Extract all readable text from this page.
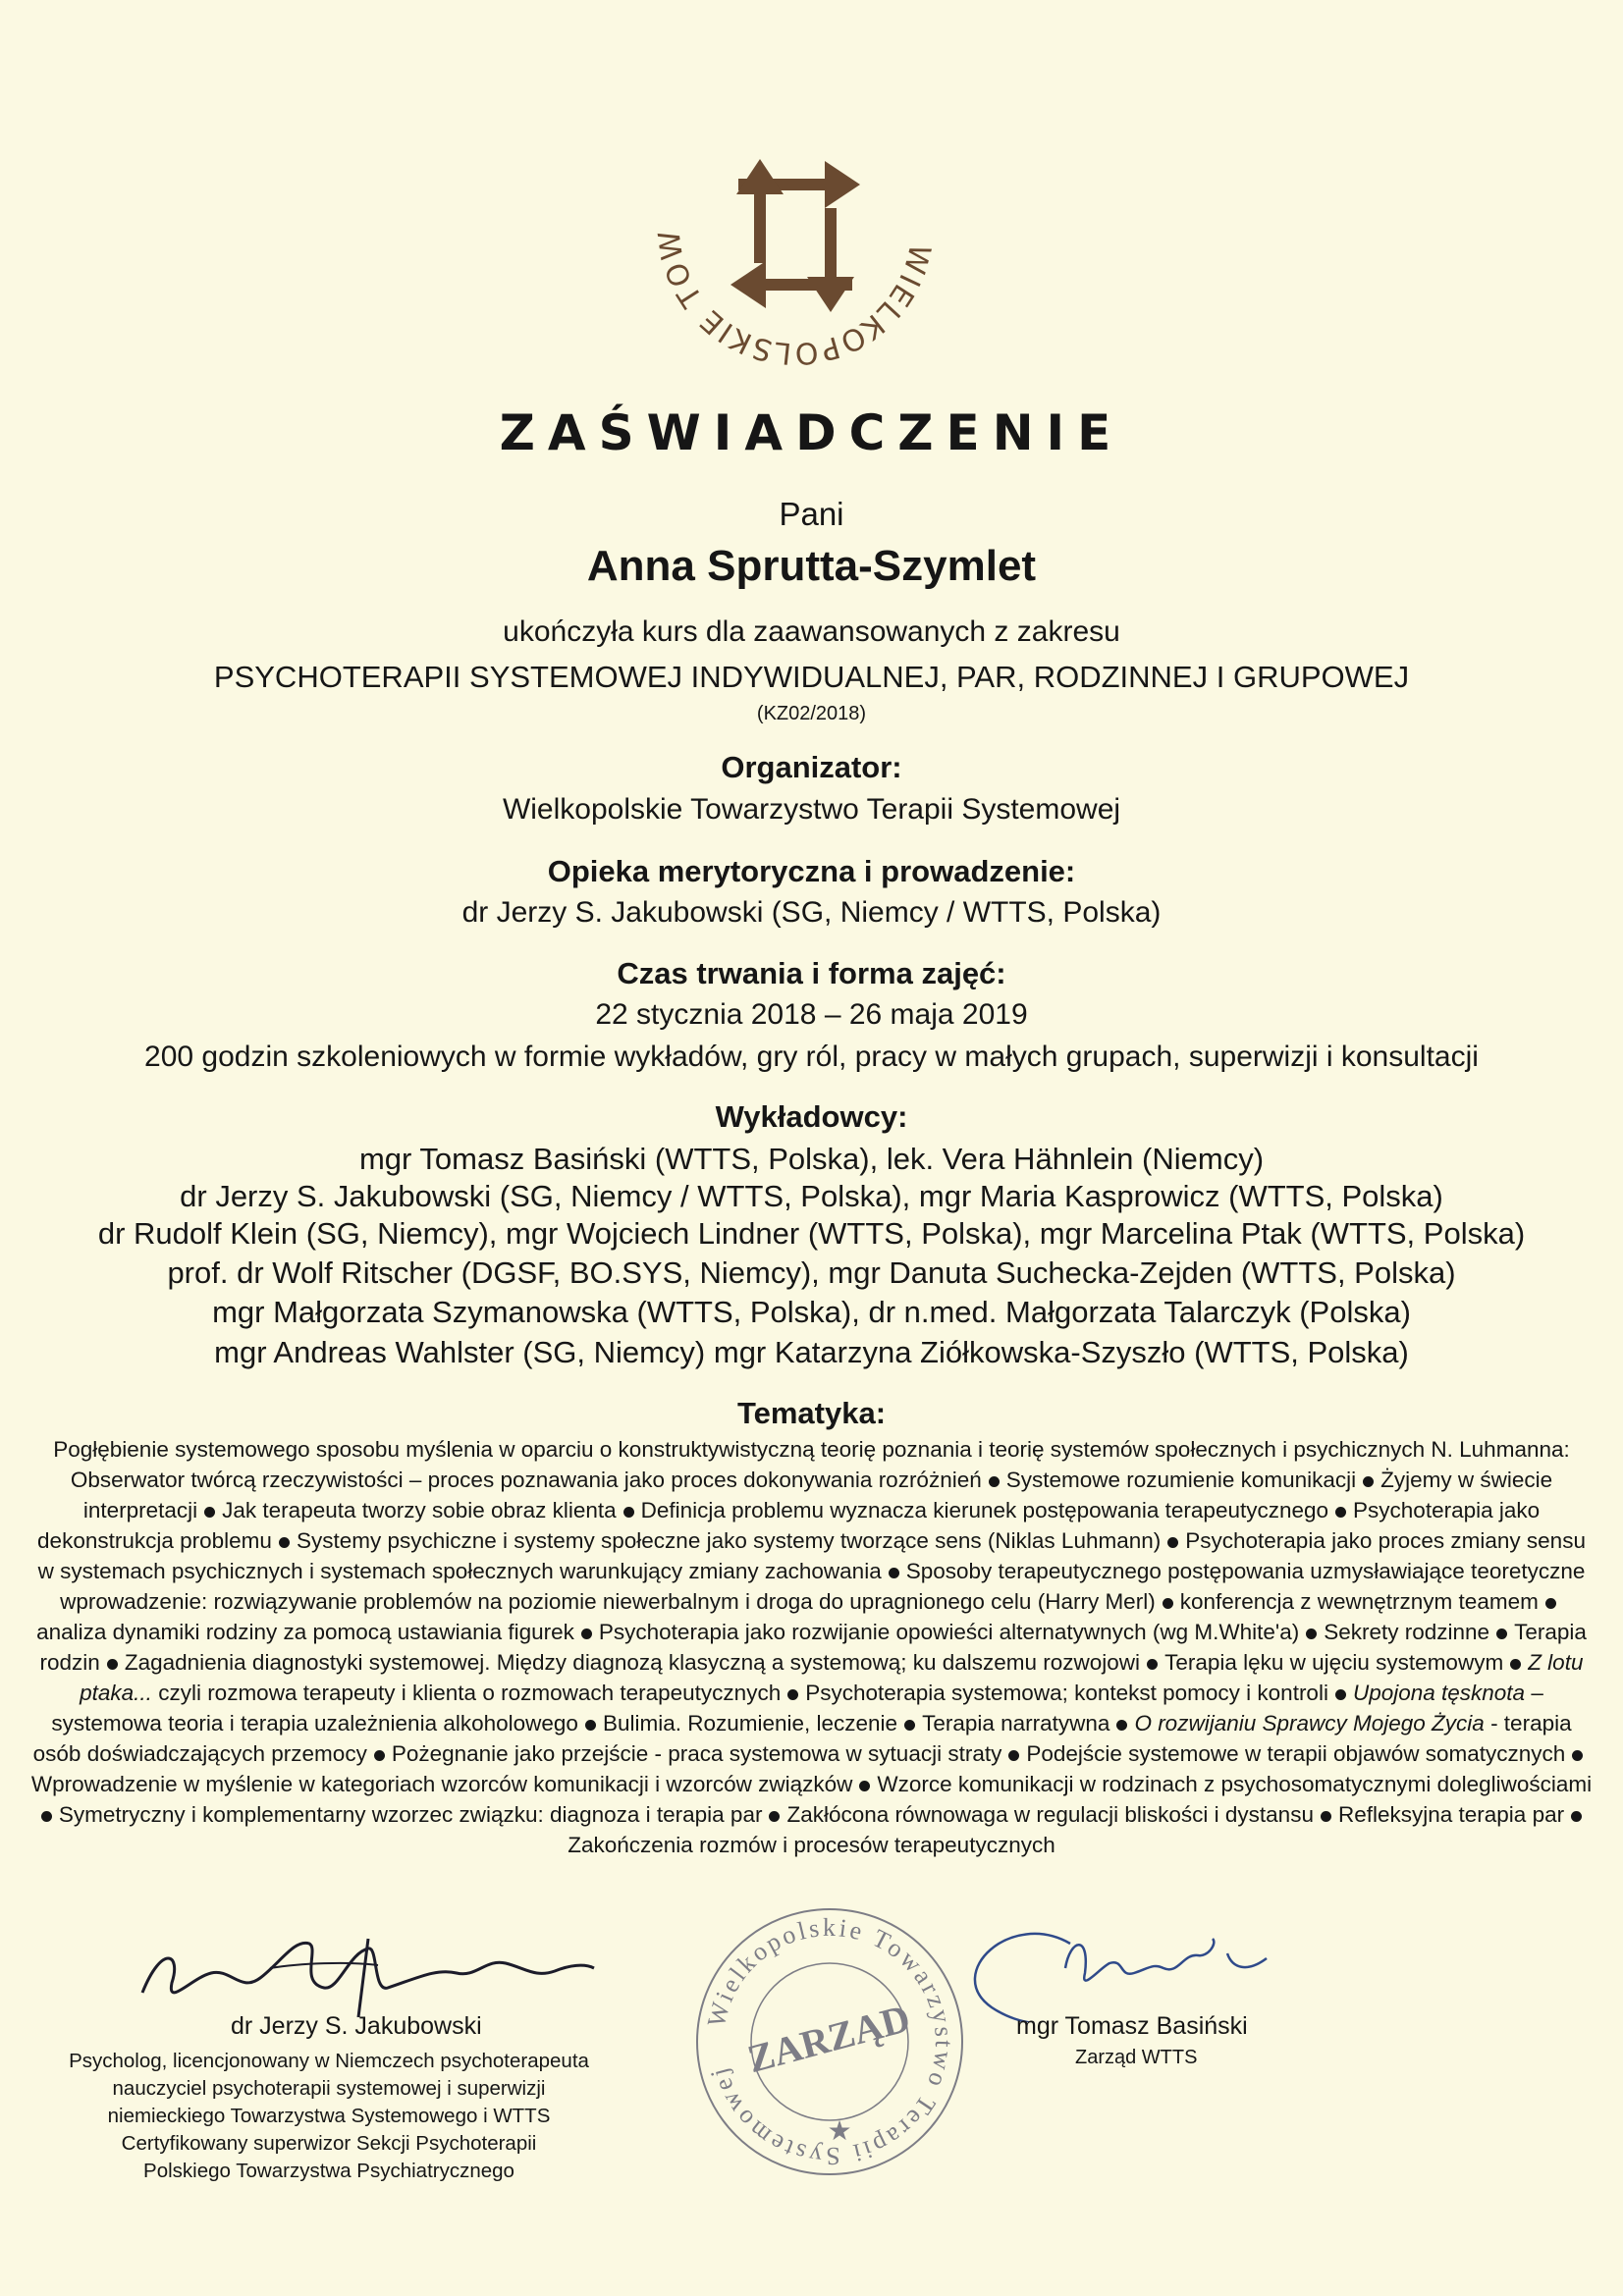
WIELKOPOLSKIE TOW
ZAŚWIADCZENIE
Pani
Anna Sprutta-Szymlet
ukończyła kurs dla zaawansowanych z zakresu
PSYCHOTERAPII SYSTEMOWEJ INDYWIDUALNEJ, PAR, RODZINNEJ I GRUPOWEJ
(KZ02/2018)
Organizator:
Wielkopolskie Towarzystwo Terapii Systemowej
Opieka merytoryczna i prowadzenie:
dr Jerzy S. Jakubowski (SG, Niemcy / WTTS, Polska)
Czas trwania i forma zajęć:
22 stycznia 2018 – 26 maja 2019
200 godzin szkoleniowych w formie wykładów, gry ról, pracy w małych grupach, superwizji i konsultacji
Wykładowcy:
mgr Tomasz Basiński (WTTS, Polska), lek. Vera Hähnlein (Niemcy)
dr Jerzy S. Jakubowski (SG, Niemcy / WTTS, Polska), mgr Maria Kasprowicz (WTTS, Polska)
dr Rudolf Klein (SG, Niemcy), mgr Wojciech Lindner (WTTS, Polska), mgr Marcelina Ptak (WTTS, Polska)
prof. dr Wolf Ritscher (DGSF, BO.SYS, Niemcy), mgr Danuta Suchecka-Zejden (WTTS, Polska)
mgr Małgorzata Szymanowska (WTTS, Polska), dr n.med. Małgorzata Talarczyk (Polska)
mgr Andreas Wahlster (SG, Niemcy) mgr Katarzyna Ziółkowska-Szyszło (WTTS, Polska)
Tematyka:
Pogłębienie systemowego sposobu myślenia w oparciu o konstruktywistyczną teorię poznania i teorię systemów społecznych i psychicznych N. Luhmanna: Obserwator twórcą rzeczywistości – proces poznawania jako proces dokonywania rozróżnień Systemowe rozumienie komunikacji Żyjemy w świecie interpretacji Jak terapeuta tworzy sobie obraz klienta Definicja problemu wyznacza kierunek postępowania terapeutycznego Psychoterapia jako dekonstrukcja problemu Systemy psychiczne i systemy społeczne jako systemy tworzące sens (Niklas Luhmann) Psychoterapia jako proces zmiany sensu w systemach psychicznych i systemach społecznych warunkujący zmiany zachowania Sposoby terapeutycznego postępowania uzmysławiające teoretyczne wprowadzenie: rozwiązywanie problemów na poziomie niewerbalnym i droga do upragnionego celu (Harry Merl) konferencja z wewnętrznym teamemanaliza dynamiki rodziny za pomocą ustawiania figurek Psychoterapia jako rozwijanie opowieści alternatywnych (wg M.White'a) Sekrety rodzinne Terapia rodzin Zagadnienia diagnostyki systemowej. Między diagnozą klasyczną a systemową; ku dalszemu rozwojowi Terapia lęku w ujęciu systemowym Z lotu ptaka... czyli rozmowa terapeuty i klienta o rozmowach terapeutycznych Psychoterapia systemowa; kontekst pomocy i kontroli Upojona tęsknota – systemowa teoria i terapia uzależnienia alkoholowego Bulimia. Rozumienie, leczenie Terapia narratywna O rozwijaniu Sprawcy Mojego Życia - terapia osób doświadczających przemocy Pożegnanie jako przejście - praca systemowa w sytuacji straty Podejście systemowe w terapii objawów somatycznychWprowadzenie w myślenie w kategoriach wzorców komunikacji i wzorców związków Wzorce komunikacji w rodzinach z psychosomatycznymi dolegliwościamiSymetryczny i komplementarny wzorzec związku: diagnoza i terapia par Zakłócona równowaga w regulacji bliskości i dystansu Refleksyjna terapia parZakończenia rozmów i procesów terapeutycznych
dr Jerzy S. Jakubowski
Psycholog, licencjonowany w Niemczech psychoterapeuta
nauczyciel psychoterapii systemowej i superwizji
niemieckiego Towarzystwa Systemowego i WTTS
Certyfikowany superwizor Sekcji Psychoterapii
Polskiego Towarzystwa Psychiatrycznego
Wielkopolskie Towarzystwo Terapii Systemowej ZARZĄD
★
mgr Tomasz Basiński
Zarząd WTTS
